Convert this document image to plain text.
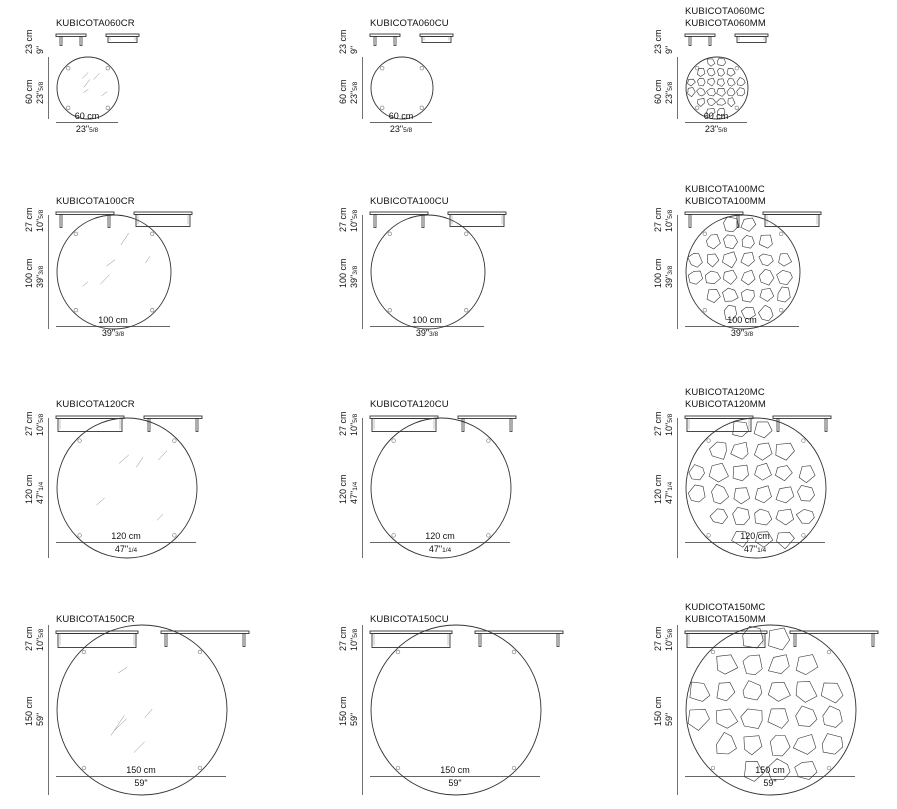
KUBICOTA060CR
23 cm 9"
60 cm 23"5/8
60 cm
23"5/8
KUBICOTA060CU
23 cm 9"
60 cm 23"5/8
60 cm
23"5/8
KUBICOTA060MC
KUBICOTA060MM
23 cm 9"
60 cm 23"5/8
60 cm
23"5/8
KUBICOTA100CR
27 cm 10"5/8
100 cm 39"3/8
100 cm
39"3/8
KUBICOTA100CU
27 cm 10"5/8
100 cm 39"3/8
100 cm
39"3/8
KUBICOTA100MC
KUBICOTA100MM
27 cm 10"5/8
100 cm 39"3/8
100 cm
39"3/8
KUBICOTA120CR
27 cm 10"5/8
120 cm 47"1/4
120 cm
47"1/4
KUBICOTA120CU
27 cm 10"5/8
120 cm 47"1/4
120 cm
47"1/4
KUBICOTA120MC
KUBICOTA120MM
27 cm 10"5/8
120 cm 47"1/4
120 cm
47"1/4
KUBICOTA150CR
27 cm 10"5/8
150 cm 59"
150 cm
59"
KUBICOTA150CU
27 cm 10"5/8
150 cm 59"
150 cm
59"
KUDICOTA150MC
KUBICOTA150MM
27 cm 10"5/8
150 cm 59"
150 cm
59"
